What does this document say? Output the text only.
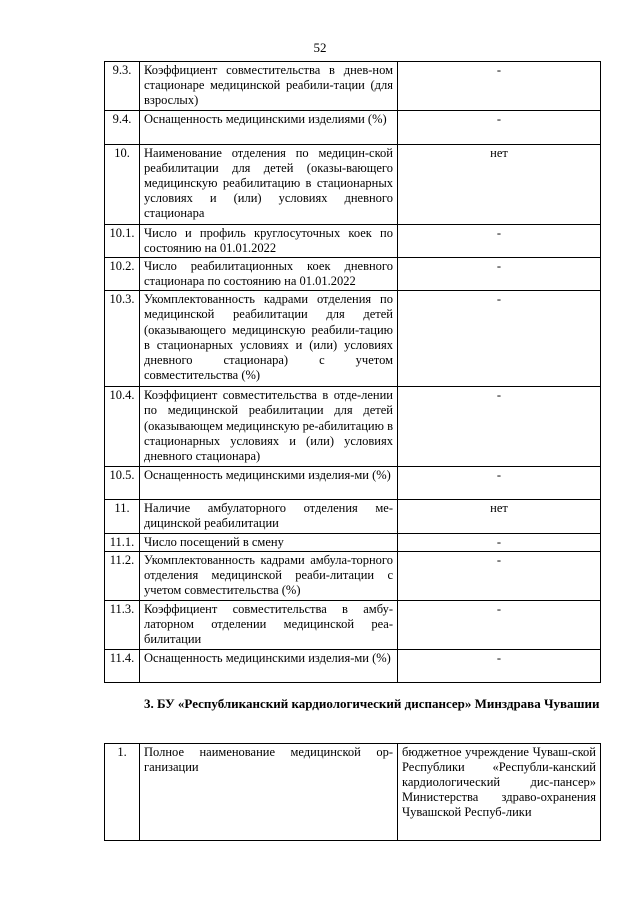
52
9.3.	Коэффициент совместительства в днев-ном стационаре медицинской реабили-тации (для взрослых)	-
9.4.	Оснащенность медицинскими изделиями (%)	-
10.	Наименование отделения по медицин-ской реабилитации для детей (оказы-вающего медицинскую реабилитацию в стационарных условиях и (или) условиях дневного стационара	нет
10.1.	Число и профиль круглосуточных коек по состоянию на 01.01.2022	-
10.2.	Число реабилитационных коек дневного стационара по состоянию на 01.01.2022	-
10.3.	Укомплектованность кадрами отделения по медицинской реабилитации для детей (оказывающего медицинскую реабили-тацию в стационарных условиях и (или) условиях дневного стационара) с учетом совместительства (%)	-
10.4.	Коэффициент совместительства в отде-лении по медицинской реабилитации для детей (оказывающем медицинскую ре-абилитацию в стационарных условиях и (или) условиях дневного стационара)	-
10.5.	Оснащенность медицинскими изделия-ми (%)	-
11.	Наличие амбулаторного отделения ме-дицинской реабилитации	нет
11.1.	Число посещений в смену	-
11.2.	Укомплектованность кадрами амбула-торного отделения медицинской реаби-литации с учетом совместительства (%)	-
11.3.	Коэффициент совместительства в амбу-латорном отделении медицинской реа-билитации	-
11.4.	Оснащенность медицинскими изделия-ми (%)	-
3. БУ «Республиканский кардиологический диспансер» Минздрава Чувашии
1.	Полное наименование медицинской ор-ганизации	бюджетное учреждение Чуваш-ской Республики «Республи-канский кардиологический дис-пансер» Министерства здраво-охранения Чувашской Респуб-лики
